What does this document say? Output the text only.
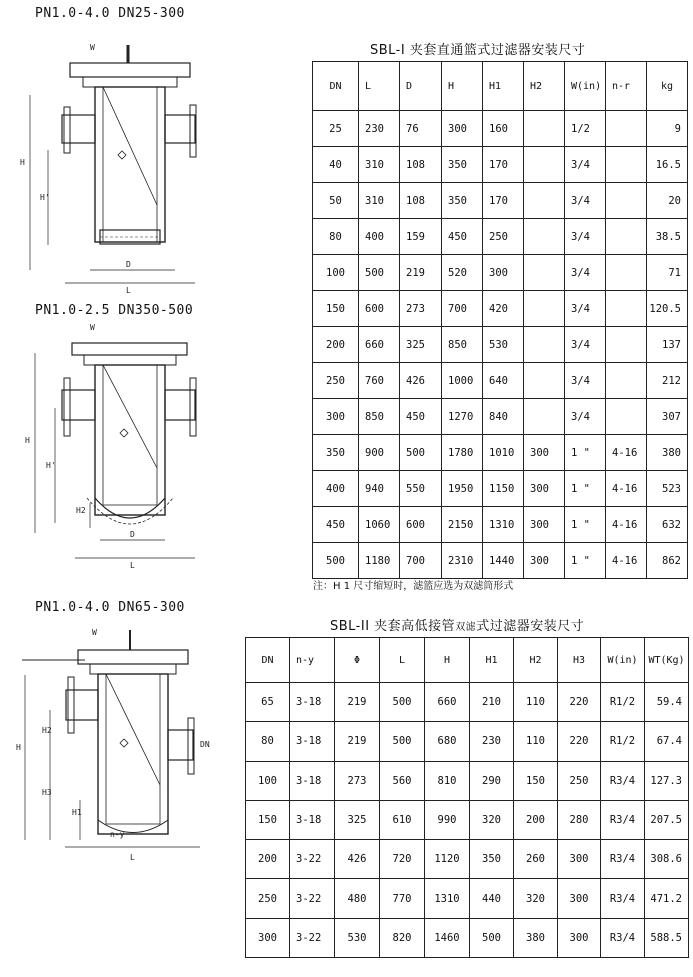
PN1.0-4.0 DN25-300
H
H'
W
D
L
PN1.0-2.5 DN350-500
H
H'
H2
W
D
L
PN1.0-4.0 DN65-300
H
H2
H3
H1
n-y
DN
W
L
SBL-I 夹套直通篮式过滤器安装尺寸
DN	L	D	H	H1	H2	W(in)	n-r	kg
25	230	76	300	160		1/2		9
40	310	108	350	170		3/4		16.5
50	310	108	350	170		3/4		20
80	400	159	450	250		3/4		38.5
100	500	219	520	300		3/4		71
150	600	273	700	420		3/4		120.5
200	660	325	850	530		3/4		137
250	760	426	1000	640		3/4		212
300	850	450	1270	840		3/4		307
350	900	500	1780	1010	300	1 "	4-16	380
400	940	550	1950	1150	300	1 "	4-16	523
450	1060	600	2150	1310	300	1 "	4-16	632
500	1180	700	2310	1440	300	1 "	4-16	862
注：H 1 尺寸缩短时，滤篮应选为双滤筒形式
SBL-II 夹套高低接管双滤式过滤器安装尺寸
DN	n-y	Φ	L	H	H1	H2	H3	W(in)	WT(Kg)
65	3-18	219	500	660	210	110	220	R1/2	59.4
80	3-18	219	500	680	230	110	220	R1/2	67.4
100	3-18	273	560	810	290	150	250	R3/4	127.3
150	3-18	325	610	990	320	200	280	R3/4	207.5
200	3-22	426	720	1120	350	260	300	R3/4	308.6
250	3-22	480	770	1310	440	320	300	R3/4	471.2
300	3-22	530	820	1460	500	380	300	R3/4	588.5
